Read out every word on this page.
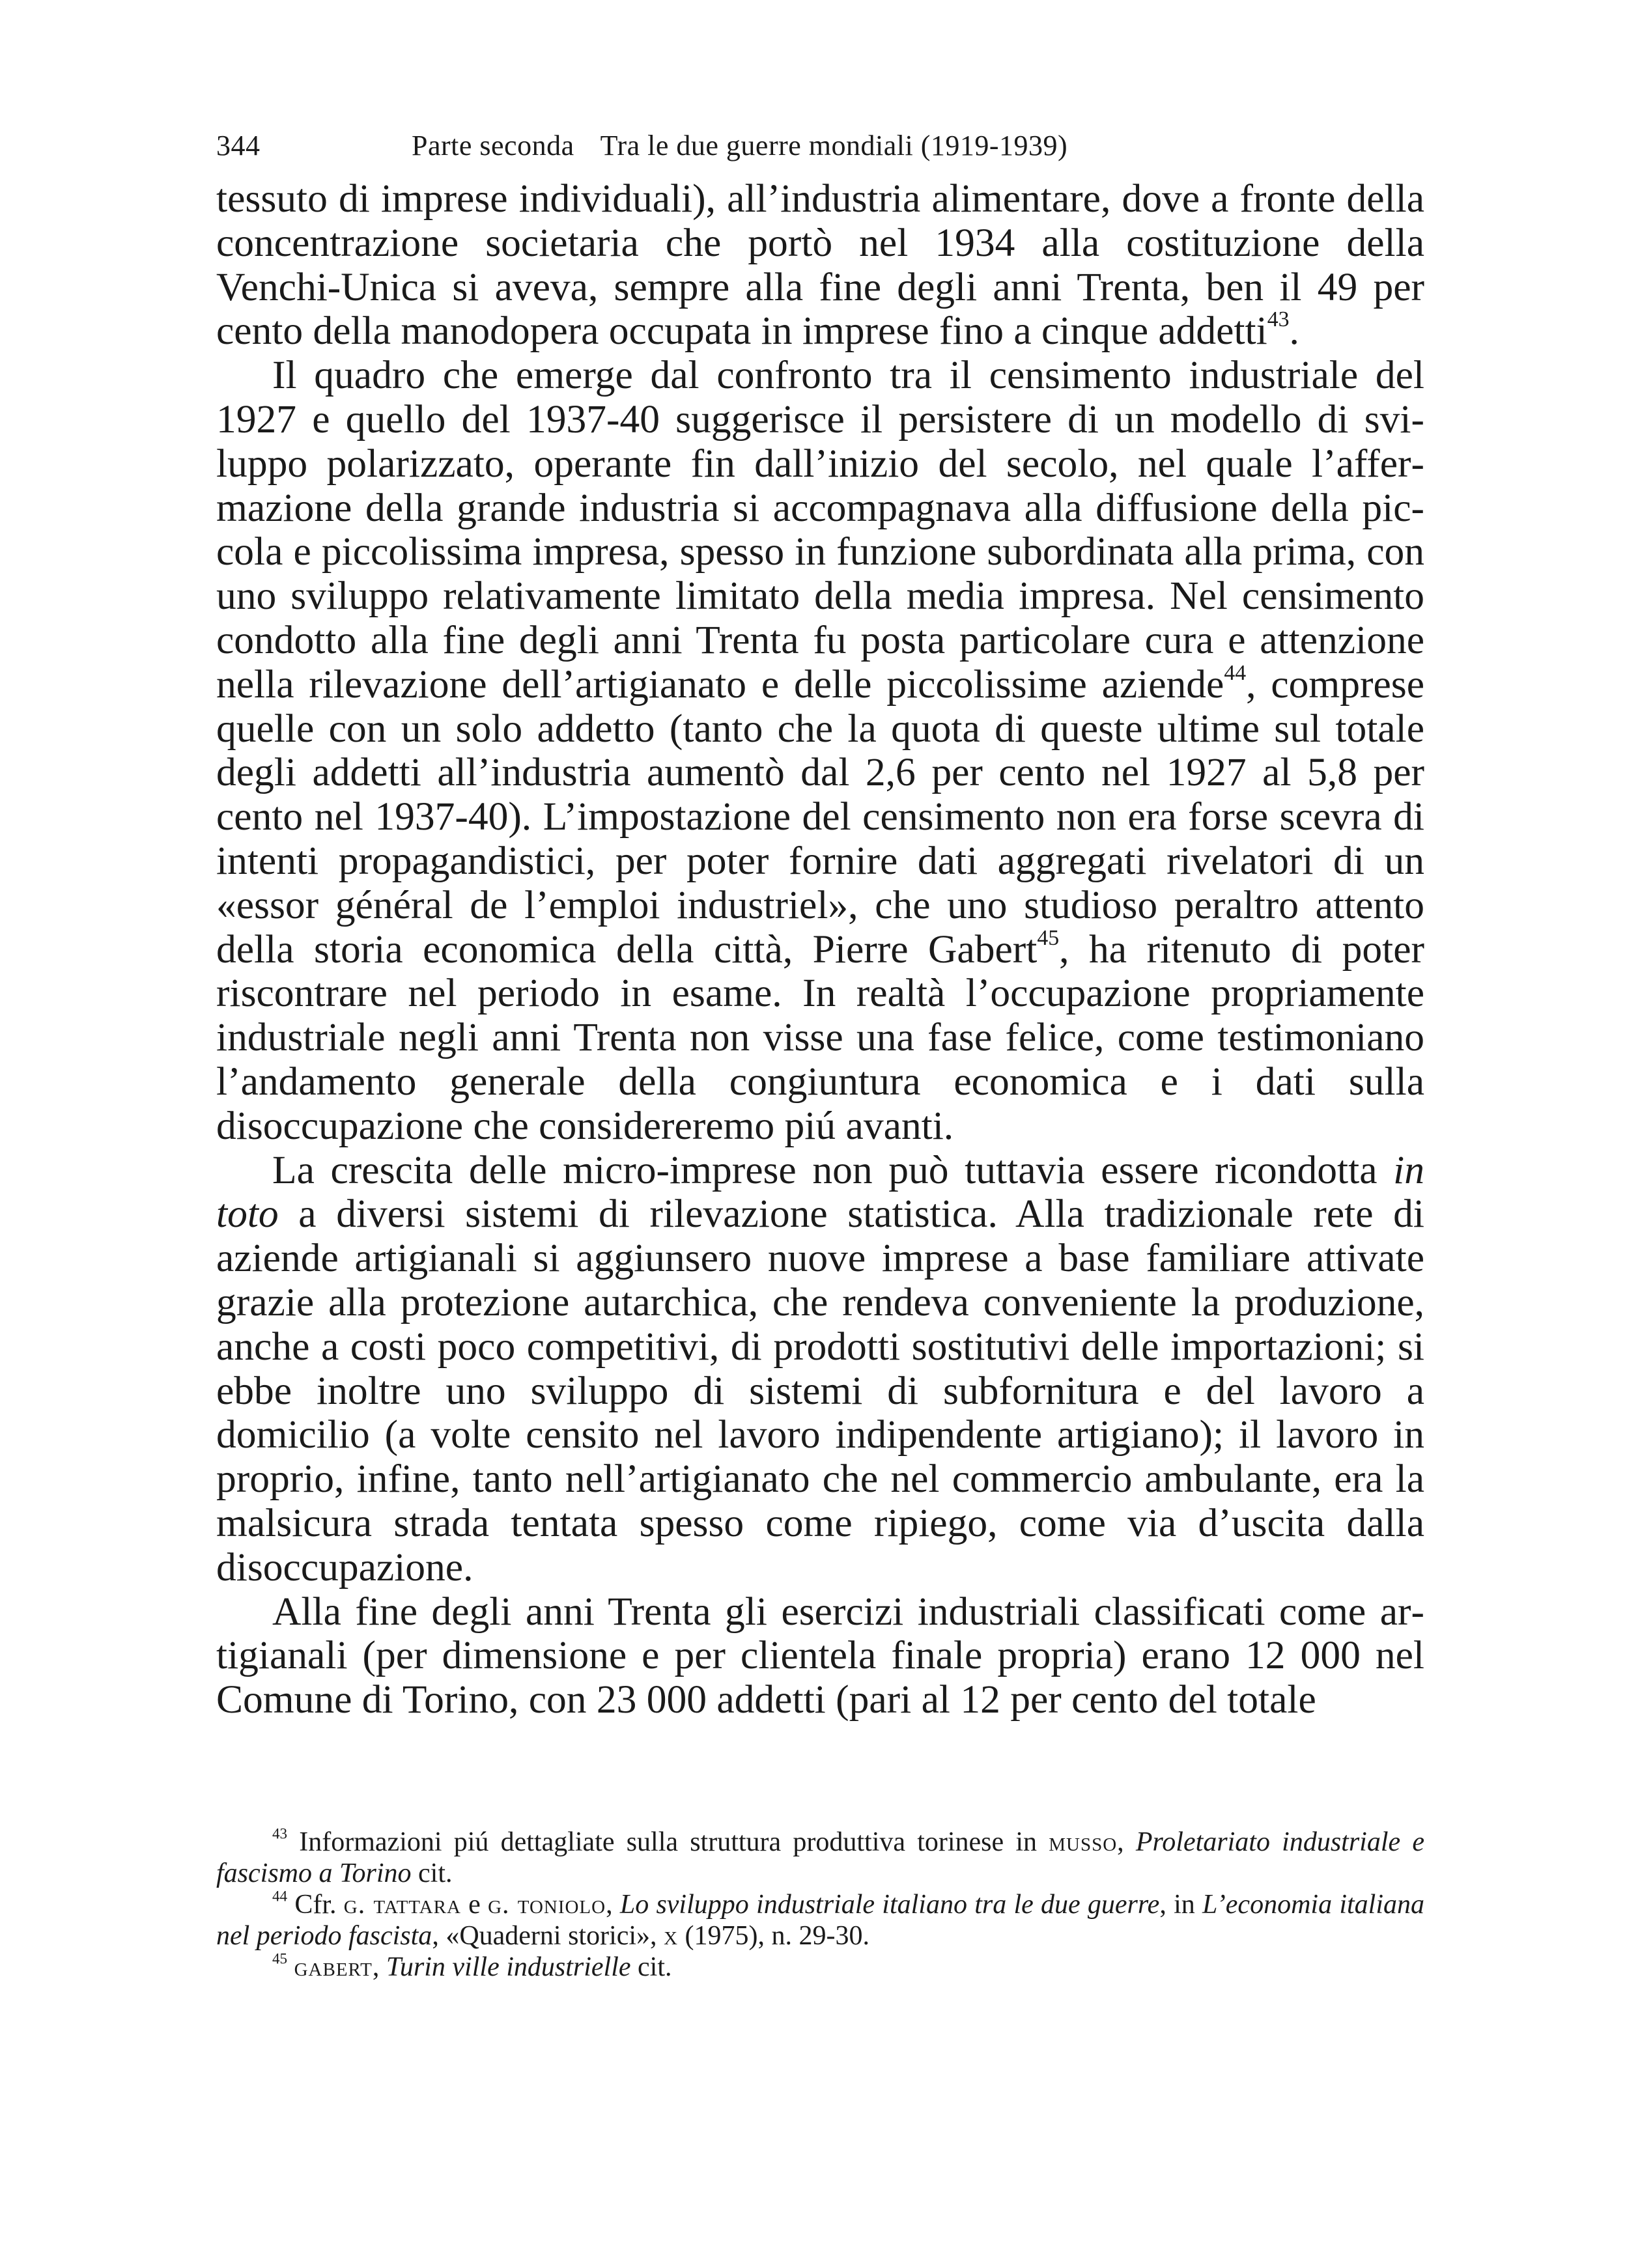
344	Parte seconda Tra le due guerre mondiali (1919-1939)

tessuto di imprese individuali), all’industria alimentare, dove a fronte della concentrazione societaria che portò nel 1934 alla costituzione della Venchi-Unica si aveva, sempre alla fine degli anni Trenta, ben il 49 per cento della manodopera occupata in imprese fino a cinque addetti$^{43}$.

Il quadro che emerge dal confronto tra il censimento industriale del 1927 e quello del 1937-40 suggerisce il persistere di un modello di sviluppo polarizzato, operante fin dall’inizio del secolo, nel quale l’affermazione della grande industria si accompagnava alla diffusione della piccola e piccolissima impresa, spesso in funzione subordinata alla prima, con uno sviluppo relativamente limitato della media impresa. Nel censimento condotto alla fine degli anni Trenta fu posta particolare cura e attenzione nella rilevazione dell’artigianato e delle piccolissime aziende$^{44}$, comprese quelle con un solo addetto (tanto che la quota di queste ultime sul totale degli addetti all’industria aumentò dal 2,6 per cento nel 1927 al 5,8 per cento nel 1937-40). L’impostazione del censimento non era forse scevra di intenti propagandistici, per poter fornire dati aggregati rivelatori di un «essor général de l’emploi industriel», che uno studioso peraltro attento della storia economica della città, Pierre Gabert$^{45}$, ha ritenuto di poter riscontrare nel periodo in esame. In realtà l’occupazione propriamente industriale negli anni Trenta non visse una fase felice, come testimoniano l’andamento generale della congiuntura economica e i dati sulla disoccupazione che considereremo piú avanti.

La crescita delle micro-imprese non può tuttavia essere ricondotta in toto a diversi sistemi di rilevazione statistica. Alla tradizionale rete di aziende artigianali si aggiunsero nuove imprese a base familiare attivate grazie alla protezione autarchica, che rendeva conveniente la produzione, anche a costi poco competitivi, di prodotti sostitutivi delle importazioni; si ebbe inoltre uno sviluppo di sistemi di subfornitura e del lavoro a domicilio (a volte censito nel lavoro indipendente artigiano); il lavoro in proprio, infine, tanto nell’artigianato che nel commercio ambulante, era la malsicura strada tentata spesso come ripiego, come via d’uscita dalla disoccupazione.

Alla fine degli anni Trenta gli esercizi industriali classificati come artigianali (per dimensione e per clientela finale propria) erano 12 000 nel Comune di Torino, con 23 000 addetti (pari al 12 per cento del totale

$^{43}$ Informazioni piú dettagliate sulla struttura produttiva torinese in musso, Proletariato industriale e fascismo a Torino cit.

$^{44}$ Cfr. g. tattara e g. toniolo, Lo sviluppo industriale italiano tra le due guerre, in L’economia italiana nel periodo fascista, «Quaderni storici», x (1975), n. 29-30.

$^{45}$ gabert, Turin ville industrielle cit.
